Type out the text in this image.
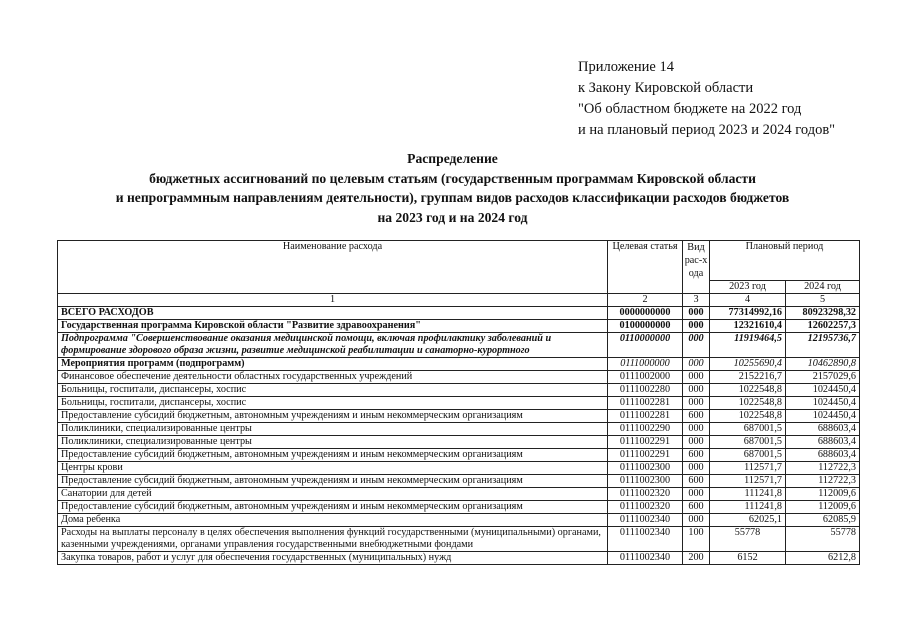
Приложение 14
к Закону Кировской области
"Об областном бюджете на 2022 год
и на плановый период 2023 и 2024 годов"
Распределение
бюджетных ассигнований по целевым статьям (государственным программам Кировской области
и непрограммным направлениям деятельности), группам видов расходов классификации расходов бюджетов
на 2023 год и на 2024 год
Наименование расхода	Целевая статья	Вид рас-хода	Плановый период	
			2023 год	2024 год
1	2	3	4	5
ВСЕГО РАСХОДОВ	0000000000	000	77314992,16	80923298,32
Государственная программа Кировской области "Развитие здравоохранения"	0100000000	000	12321610,4	12602257,3
Подпрограмма "Совершенствование оказания медицинской помощи, включая профилактику заболеваний и формирование здорового образа жизни, развитие медицинской реабилитации и санаторно-курортного	0110000000	000	11919464,5	12195736,7
Мероприятия программ (подпрограмм)	0111000000	000	10255690,4	10462890,8
Финансовое обеспечение деятельности областных государственных учреждений	0111002000	000	2152216,7	2157029,6
Больницы, госпитали, диспансеры, хоспис	0111002280	000	1022548,8	1024450,4
Больницы, госпитали, диспансеры, хоспис	0111002281	000	1022548,8	1024450,4
Предоставление субсидий бюджетным, автономным учреждениям и иным некоммерческим организациям	0111002281	600	1022548,8	1024450,4
Поликлиники, специализированные центры	0111002290	000	687001,5	688603,4
Поликлиники, специализированные центры	0111002291	000	687001,5	688603,4
Предоставление субсидий бюджетным, автономным учреждениям и иным некоммерческим организациям	0111002291	600	687001,5	688603,4
Центры крови	0111002300	000	112571,7	112722,3
Предоставление субсидий бюджетным, автономным учреждениям и иным некоммерческим организациям	0111002300	600	112571,7	112722,3
Санатории для детей	0111002320	000	111241,8	112009,6
Предоставление субсидий бюджетным, автономным учреждениям и иным некоммерческим организациям	0111002320	600	111241,8	112009,6
Дома ребенка	0111002340	000	62025,1	62085,9
Расходы на выплаты персоналу в целях обеспечения выполнения функций государственными (муниципальными) органами, казенными учреждениями, органами управления государственными внебюджетными фондами	0111002340	100	55778	55778
Закупка товаров, работ и услуг для обеспечения государственных (муниципальных) нужд	0111002340	200	6152	6212,8
